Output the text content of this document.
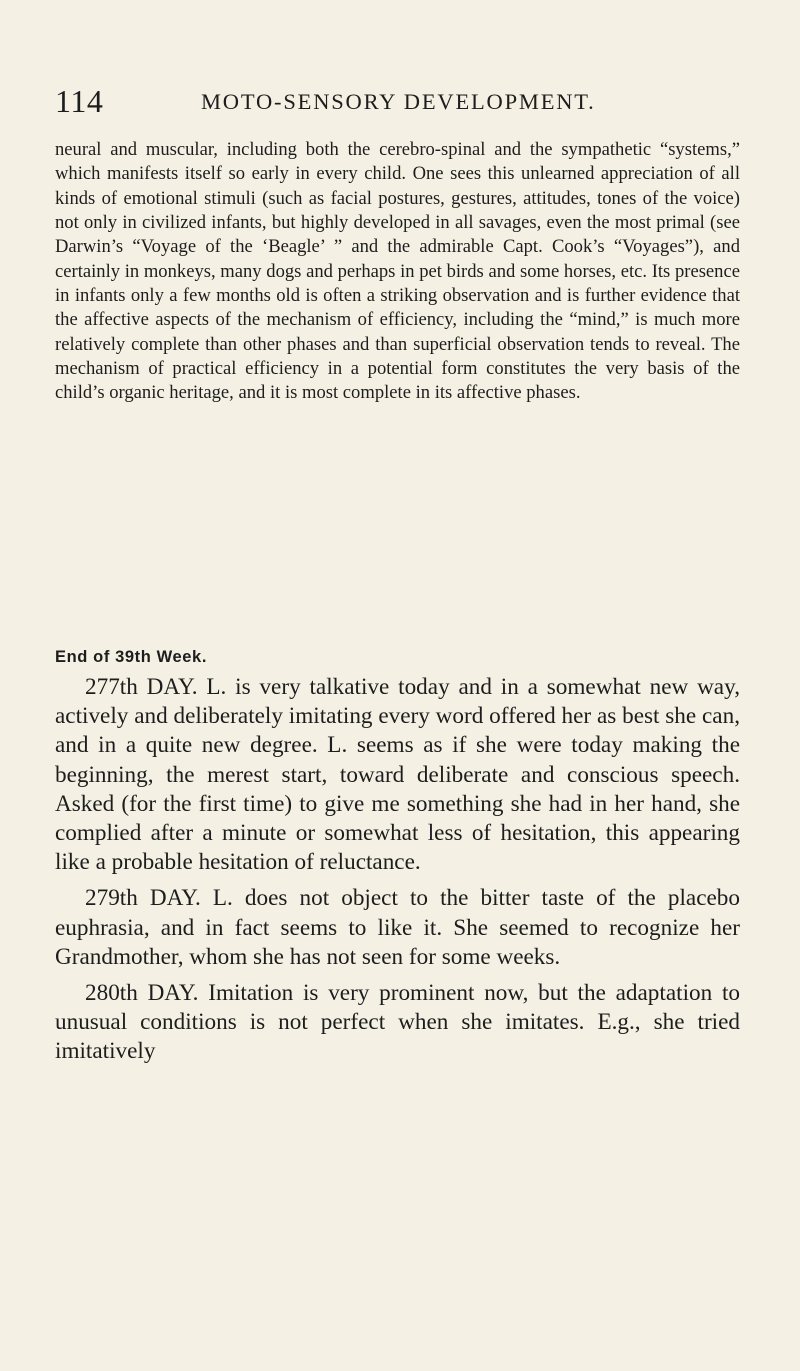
114	MOTO-SENSORY DEVELOPMENT.

neural and muscular, including both the cerebro-spinal and the sympathetic “systems,” which manifests itself so early in every child. One sees this unlearned appreciation of all kinds of emotional stimuli (such as facial postures, gestures, attitudes, tones of the voice) not only in civilized infants, but highly developed in all savages, even the most primal (see Darwin’s “Voyage of the ‘Beagle’ ” and the admirable Capt. Cook’s “Voyages”), and certainly in monkeys, many dogs and perhaps in pet birds and some horses, etc. Its presence in infants only a few months old is often a striking observation and is further evidence that the affective aspects of the mechanism of efficiency, including the “mind,” is much more relatively complete than other phases and than superficial observation tends to reveal. The mechanism of practical efficiency in a potential form constitutes the very basis of the child’s organic heritage, and it is most complete in its affective phases.

End of 39th Week.

277th DAY. L. is very talkative today and in a somewhat new way, actively and deliberately imitating every word offered her as best she can, and in a quite new degree. L. seems as if she were today making the beginning, the merest start, toward deliberate and conscious speech. Asked (for the first time) to give me something she had in her hand, she complied after a minute or somewhat less of hesitation, this appearing like a probable hesitation of reluctance.

279th DAY. L. does not object to the bitter taste of the placebo euphrasia, and in fact seems to like it. She seemed to recognize her Grandmother, whom she has not seen for some weeks.

280th DAY. Imitation is very prominent now, but the adaptation to unusual conditions is not perfect when she imitates. E.g., she tried imitatively
